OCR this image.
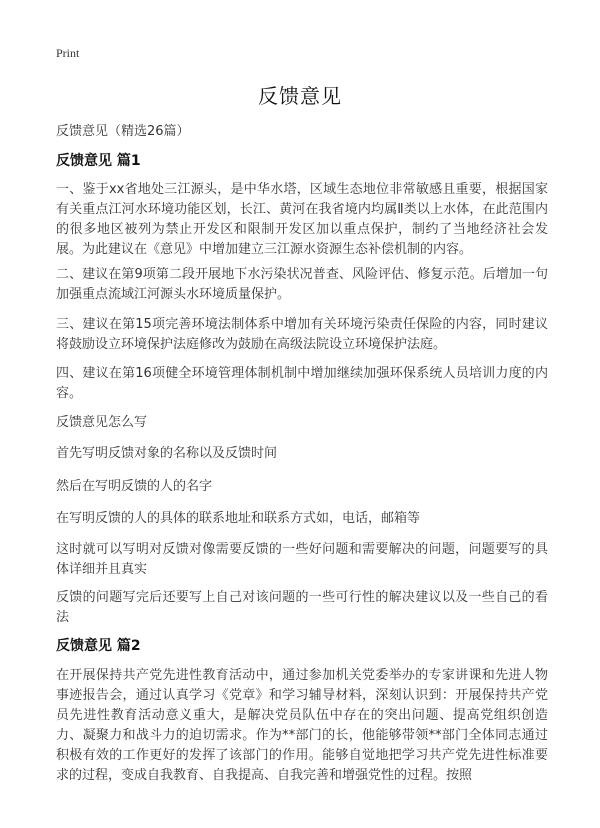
Print
反馈意见
反馈意见（精选26篇）
反馈意见 篇1
一、鉴于xx省地处三江源头，是中华水塔，区域生态地位非常敏感且重要，根据国家有关重点江河水环境功能区划，长江、黄河在我省境内均属Ⅱ类以上水体，在此范围内的很多地区被列为禁止开发区和限制开发区加以重点保护，制约了当地经济社会发展。为此建议在《意见》中增加建立三江源水资源生态补偿机制的内容。
二、建议在第9项第二段开展地下水污染状况普查、风险评估、修复示范。后增加一句加强重点流域江河源头水环境质量保护。
三、建议在第15项完善环境法制体系中增加有关环境污染责任保险的内容，同时建议将鼓励设立环境保护法庭修改为鼓励在高级法院设立环境保护法庭。
四、建议在第16项健全环境管理体制机制中增加继续加强环保系统人员培训力度的内容。
反馈意见怎么写
首先写明反馈对象的名称以及反馈时间
然后在写明反馈的人的名字
在写明反馈的人的具体的联系地址和联系方式如，电话，邮箱等
这时就可以写明对反馈对像需要反馈的一些好问题和需要解决的问题，问题要写的具体详细并且真实
反馈的问题写完后还要写上自己对该问题的一些可行性的解决建议以及一些自己的看法
反馈意见 篇2
在开展保持共产党先进性教育活动中，通过参加机关党委举办的专家讲课和先进人物事迹报告会，通过认真学习《党章》和学习辅导材料，深刻认识到：开展保持共产党员先进性教育活动意义重大，是解决党员队伍中存在的突出问题、提高党组织创造力、凝聚力和战斗力的迫切需求。作为**部门的长，他能够带领**部门全体同志通过积极有效的工作更好的发挥了该部门的作用。能够自觉地把学习共产党先进性标准要求的过程，变成自我教育、自我提高、自我完善和增强党性的过程。按照
